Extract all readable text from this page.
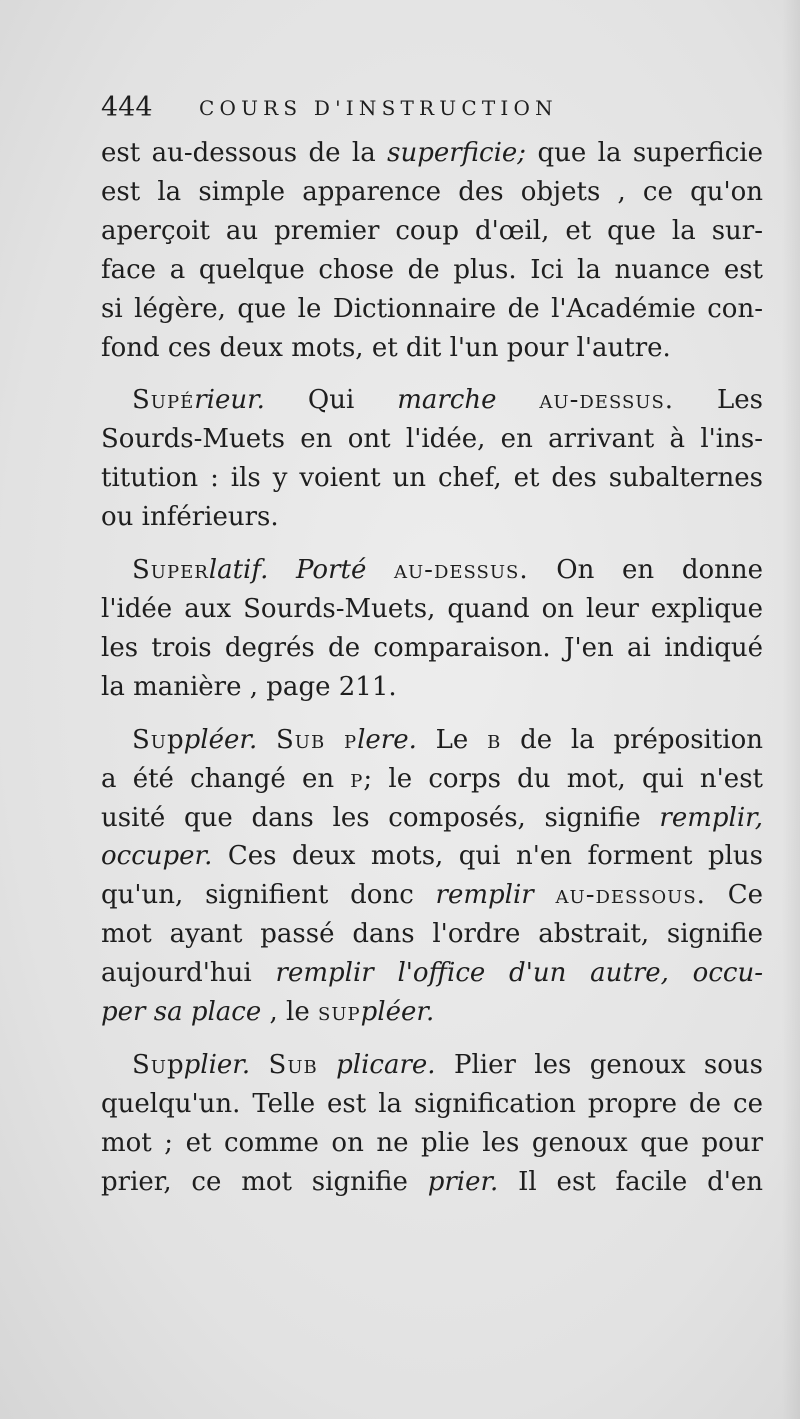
444 COURS D'INSTRUCTION
est au-dessous de la superficie; que la superficie
est la simple apparence des objets , ce qu'on
aperçoit au premier coup d'œil, et que la sur-
face a quelque chose de plus. Ici la nuance est
si légère, que le Dictionnaire de l'Académie con-
fond ces deux mots, et dit l'un pour l'autre.
Supérieur. Qui marche au-dessus. Les
Sourds-Muets en ont l'idée, en arrivant à l'ins-
titution : ils y voient un chef, et des subalternes
ou inférieurs.
Superlatif. Porté au-dessus. On en donne
l'idée aux Sourds-Muets, quand on leur explique
les trois degrés de comparaison. J'en ai indiqué
la manière , page 211.
Suppléer. Sub plere. Le b de la préposition
a été changé en p; le corps du mot, qui n'est
usité que dans les composés, signifie remplir,
occuper. Ces deux mots, qui n'en forment plus
qu'un, signifient donc remplir au-dessous. Ce
mot ayant passé dans l'ordre abstrait, signifie
aujourd'hui remplir l'office d'un autre, occu-
per sa place , le suppléer.
Supplier. Sub plicare. Plier les genoux sous
quelqu'un. Telle est la signification propre de ce
mot ; et comme on ne plie les genoux que pour
prier, ce mot signifie prier. Il est facile d'en
